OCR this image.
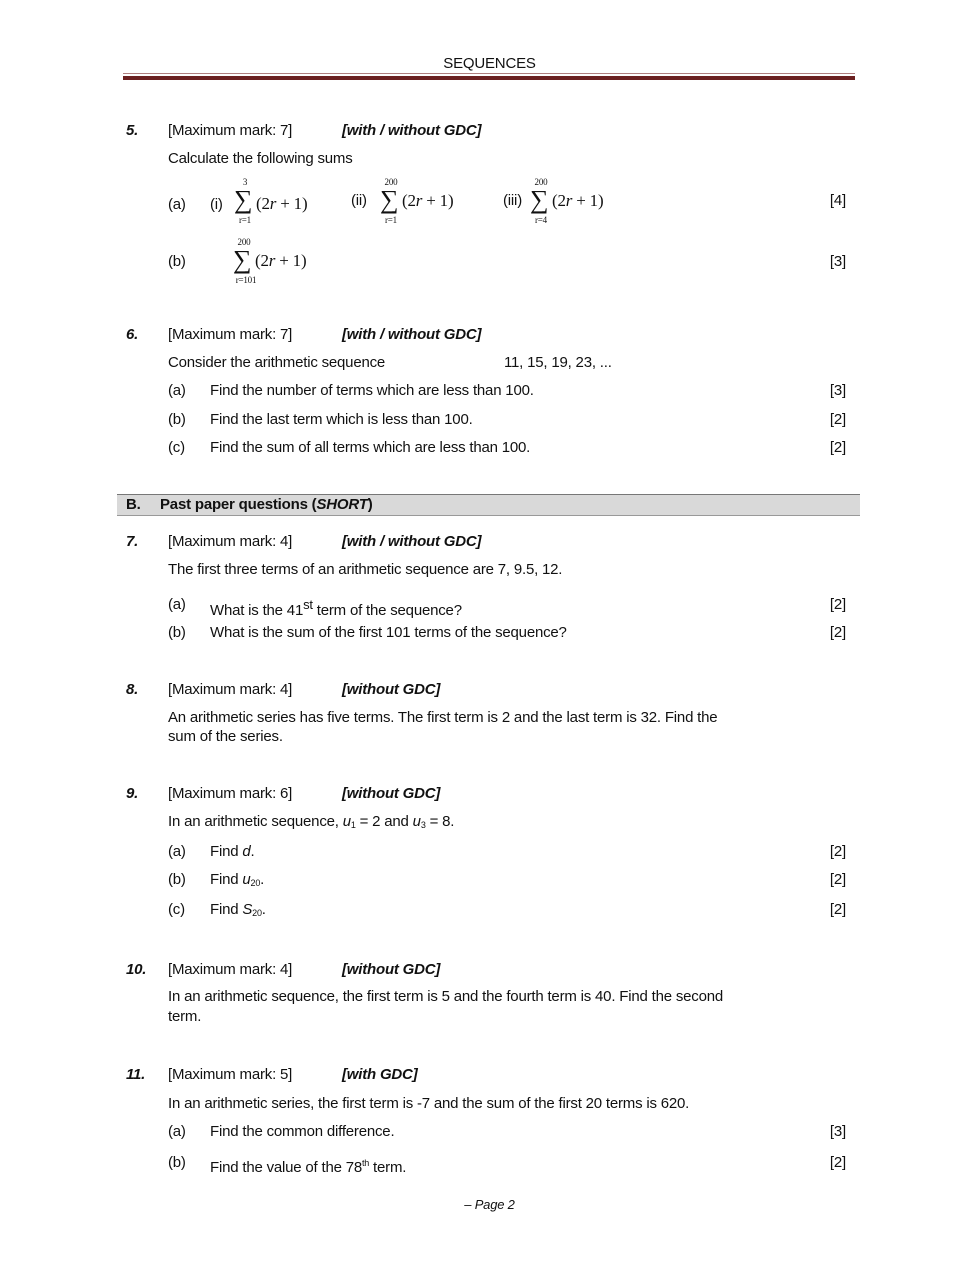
SEQUENCES
5. [Maximum mark: 7]	[with / without GDC]
Calculate the following sums
(a) (i)	(ii)	(iii)	[4]
3
∑
r=1
(2r + 1)
200
∑
r=1
(2r + 1)
200
∑
r=4
(2r + 1)
(b)	[3]
200
∑
r=101
(2r + 1)
6. [Maximum mark: 7]	[with / without GDC]
Consider the arithmetic sequence	11, 15, 19, 23, ...
(a) Find the number of terms which are less than 100.	[3]
(b) Find the last term which is less than 100.	[2]
(c) Find the sum of all terms which are less than 100.	[2]
B. Past paper questions (SHORT)
7. [Maximum mark: 4]	[with / without GDC]
The first three terms of an arithmetic sequence are 7, 9.5, 12.
(a) What is the 41st term of the sequence?	[2]
(b) What is the sum of the first 101 terms of the sequence?	[2]
8. [Maximum mark: 4]	[without GDC]
An arithmetic series has five terms. The first term is 2 and the last term is 32. Find the
sum of the series.
9. [Maximum mark: 6]	[without GDC]
In an arithmetic sequence, $u_1 = 2$ and $u_3 = 8$.
(a) Find d.	[2]
(b) Find $u_{20}$.	[2]
(c) Find $S_{20}$.	[2]
10. [Maximum mark: 4]	[without GDC]
In an arithmetic sequence, the first term is 5 and the fourth term is 40. Find the second
term.
11. [Maximum mark: 5]	[with GDC]
In an arithmetic series, the first term is -7 and the sum of the first 20 terms is 620.
(a) Find the common difference.	[3]
(b) Find the value of the 78th term.	[2]
– Page 2
